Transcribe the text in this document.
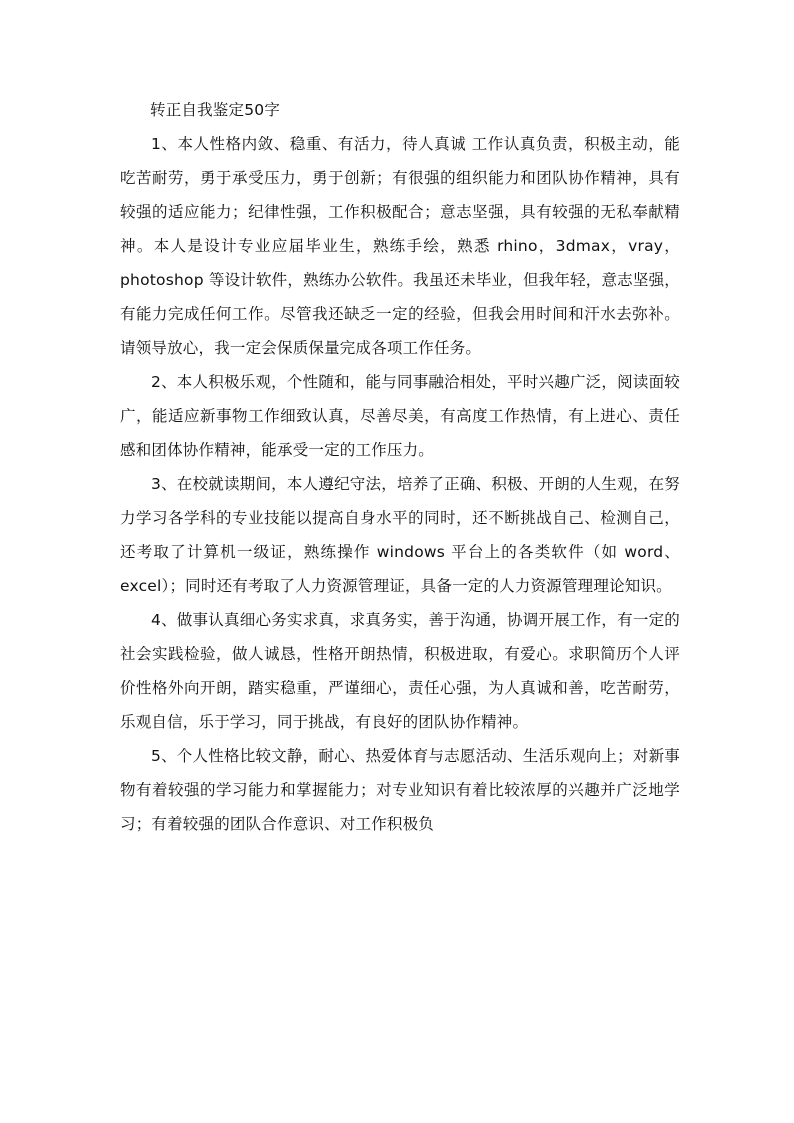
转正自我鉴定50字

1、本人性格内敛、稳重、有活力，待人真诚 工作认真负责，积极主动，能吃苦耐劳，勇于承受压力，勇于创新；有很强的组织能力和团队协作精神，具有较强的适应能力；纪律性强，工作积极配合；意志坚强，具有较强的无私奉献精神。本人是设计专业应届毕业生，熟练手绘，熟悉 rhino，3dmax，vray，photoshop 等设计软件，熟练办公软件。我虽还未毕业，但我年轻，意志坚强，有能力完成任何工作。尽管我还缺乏一定的经验，但我会用时间和汗水去弥补。请领导放心，我一定会保质保量完成各项工作任务。

2、本人积极乐观，个性随和，能与同事融洽相处，平时兴趣广泛，阅读面较广，能适应新事物工作细致认真，尽善尽美，有高度工作热情，有上进心、责任感和团体协作精神，能承受一定的工作压力。

3、在校就读期间，本人遵纪守法，培养了正确、积极、开朗的人生观，在努力学习各学科的专业技能以提高自身水平的同时，还不断挑战自己、检测自己，还考取了计算机一级证，熟练操作 windows 平台上的各类软件（如 word、excel）；同时还有考取了人力资源管理证，具备一定的人力资源管理理论知识。

4、做事认真细心务实求真，求真务实，善于沟通，协调开展工作，有一定的社会实践检验，做人诚恳，性格开朗热情，积极进取，有爱心。求职简历个人评价性格外向开朗，踏实稳重，严谨细心，责任心强，为人真诚和善，吃苦耐劳，乐观自信，乐于学习，同于挑战，有良好的团队协作精神。

5、个人性格比较文静，耐心、热爱体育与志愿活动、生活乐观向上；对新事物有着较强的学习能力和掌握能力；对专业知识有着比较浓厚的兴趣并广泛地学习；有着较强的团队合作意识、对工作积极负
